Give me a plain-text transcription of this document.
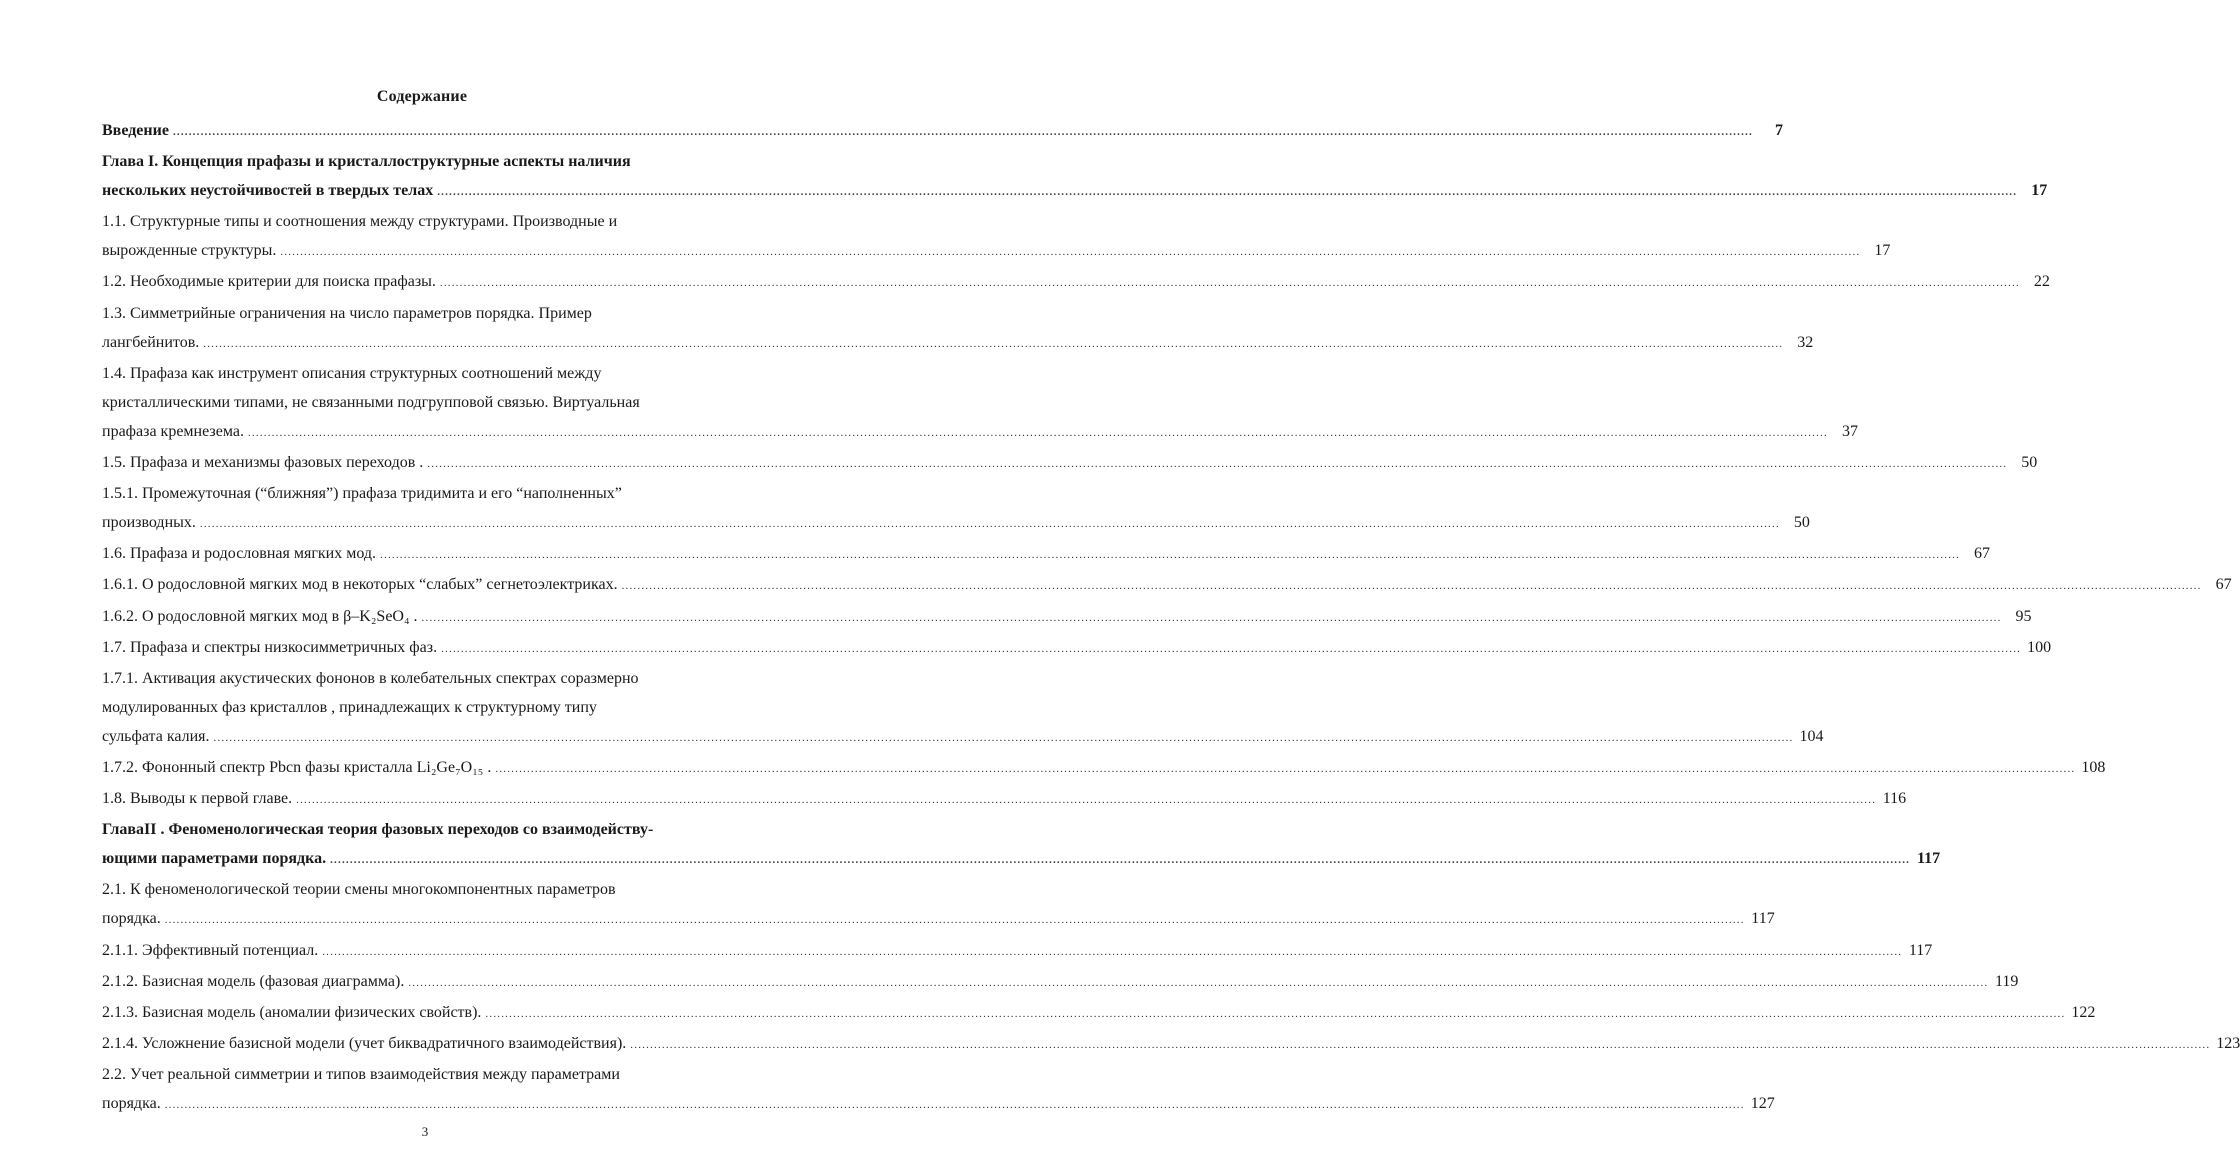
Содержание
Введение ................................................................................................................................................................................................................................................................................................................................................................................................................	7
Глава I. Концепция прафазы и кристаллоструктурные аспекты наличия
нескольких неустойчивостей в твердых телах ................................................................................................................................................................................................................................................................................................................................................................................................................ 17
1.1. Структурные типы и соотношения между структурами. Производные и
вырожденные структуры. ................................................................................................................................................................................................................................................................................................................................................................................................................ 17
1.2. Необходимые критерии для поиска прафазы. ................................................................................................................................................................................................................................................................................................................................................................................................................ 22
1.3. Симметрийные ограничения на число параметров порядка. Пример
лангбейнитов. ................................................................................................................................................................................................................................................................................................................................................................................................................ 32
1.4. Прафаза как инструмент описания структурных соотношений между
кристаллическими типами, не связанными подгрупповой связью. Виртуальная
прафаза кремнезема. ................................................................................................................................................................................................................................................................................................................................................................................................................ 37
1.5. Прафаза и механизмы фазовых переходов . ................................................................................................................................................................................................................................................................................................................................................................................................................ 50
1.5.1. Промежуточная (“ближняя”) прафаза тридимита и его “наполненных”
производных. ................................................................................................................................................................................................................................................................................................................................................................................................................ 50
1.6. Прафаза и родословная мягких мод. ................................................................................................................................................................................................................................................................................................................................................................................................................ 67
1.6.1. О родословной мягких мод в некоторых “слабых” сегнетоэлектриках. ................................................................................................................................................................................................................................................................................................................................................................................................................ 67
1.6.2. О родословной мягких мод в β–K₂SeO₄ . ................................................................................................................................................................................................................................................................................................................................................................................................................ 95
1.7. Прафаза и спектры низкосимметричных фаз. ................................................................................................................................................................................................................................................................................................................................................................................................................ 100
1.7.1. Активация акустических фононов в колебательных спектрах соразмерно
модулированных фаз кристаллов , принадлежащих к структурному типу
сульфата калия. ................................................................................................................................................................................................................................................................................................................................................................................................................ 104
1.7.2. Фононный спектр Pbcn фазы кристалла Li₂Ge₇O₁₅ . ................................................................................................................................................................................................................................................................................................................................................................................................................ 108
1.8. Выводы к первой главе. ................................................................................................................................................................................................................................................................................................................................................................................................................ 116
ГлаваII . Феноменологическая теория фазовых переходов со взаимодейству-
ющими параметрами порядка. ................................................................................................................................................................................................................................................................................................................................................................................................................ 117
2.1. К феноменологической теории смены многокомпонентных параметров
порядка. ................................................................................................................................................................................................................................................................................................................................................................................................................ 117
2.1.1. Эффективный потенциал. ................................................................................................................................................................................................................................................................................................................................................................................................................ 117
2.1.2. Базисная модель (фазовая диаграмма). ................................................................................................................................................................................................................................................................................................................................................................................................................ 119
2.1.3. Базисная модель (аномалии физических свойств). ................................................................................................................................................................................................................................................................................................................................................................................................................ 122
2.1.4. Усложнение базисной модели (учет биквадратичного взаимодействия). ................................................................................................................................................................................................................................................................................................................................................................................................................ 123
2.2. Учет реальной симметрии и типов взаимодействия между параметрами
порядка. ................................................................................................................................................................................................................................................................................................................................................................................................................ 127
3
